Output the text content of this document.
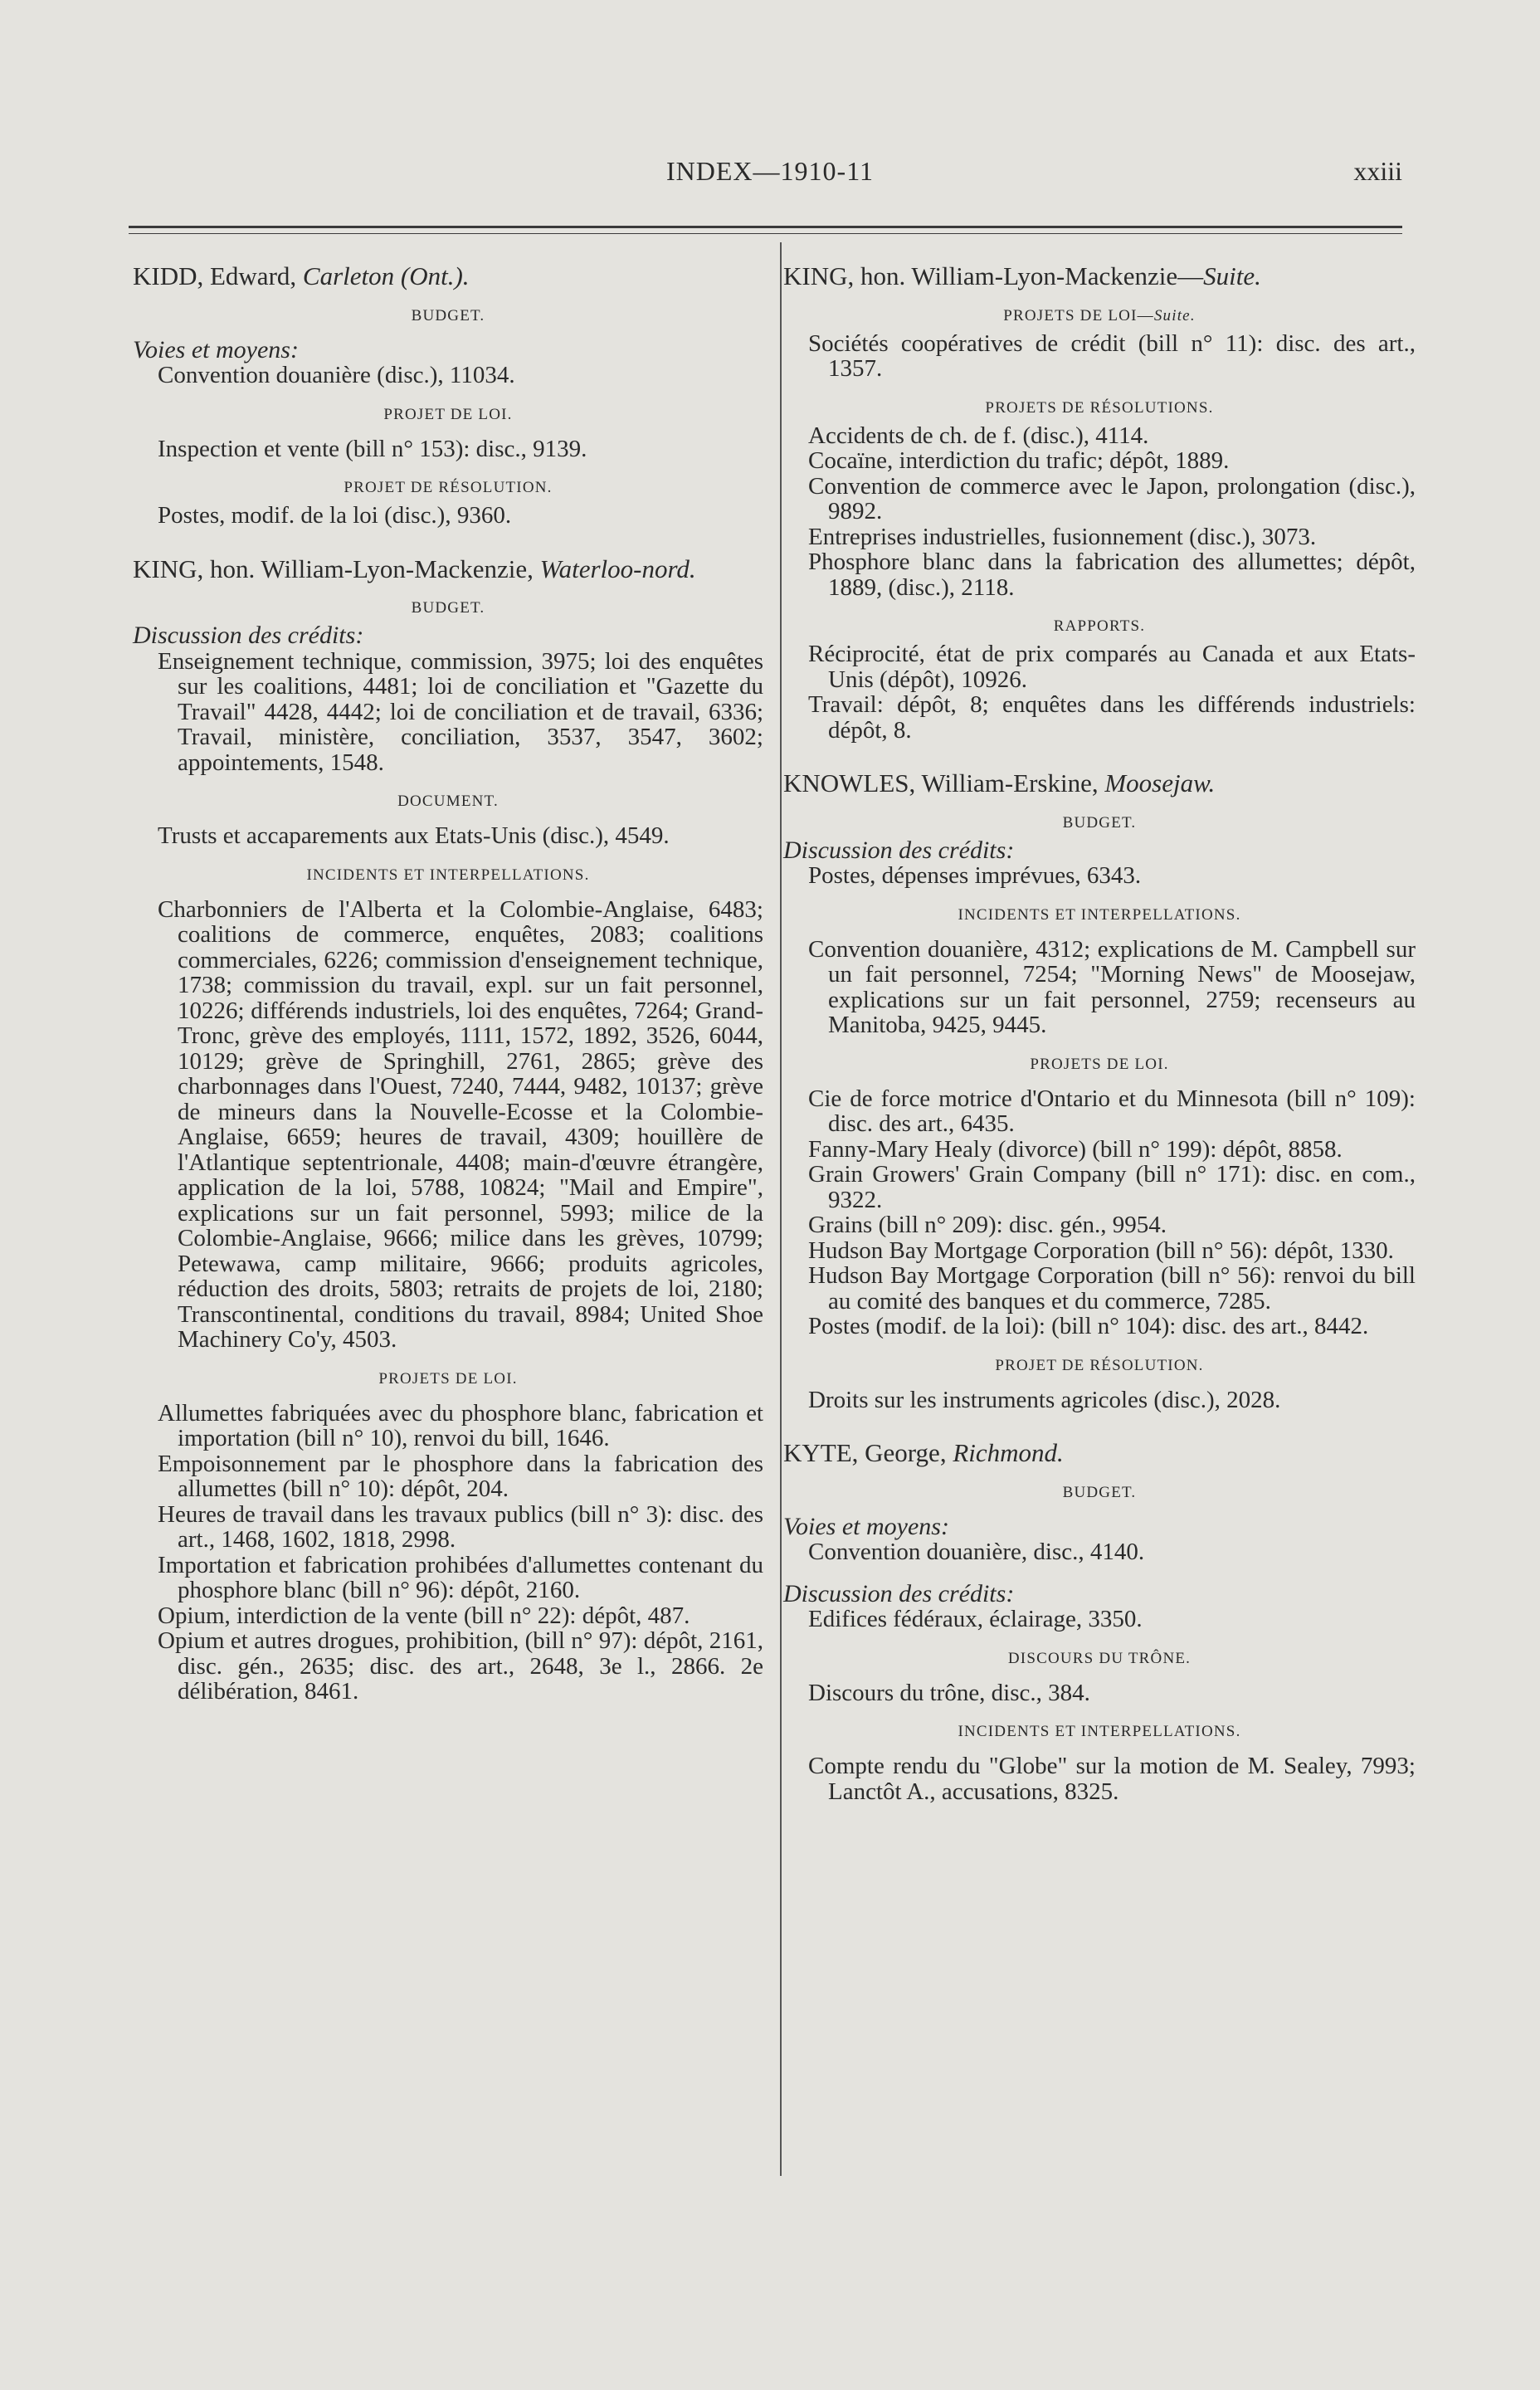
INDEX—1910-11	xxiii

KIDD, Edward, Carleton (Ont.).

BUDGET.

Voies et moyens:

Convention douanière (disc.), 11034.

PROJET DE LOI.

Inspection et vente (bill n° 153): disc., 9139.

PROJET DE RÉSOLUTION.

Postes, modif. de la loi (disc.), 9360.

KING, hon. William-Lyon-Mackenzie, Waterloo-nord.

BUDGET.

Discussion des crédits:

Enseignement technique, commission, 3975; loi des enquêtes sur les coalitions, 4481; loi de conciliation et "Gazette du Travail" 4428, 4442; loi de conciliation et de travail, 6336; Travail, ministère, conciliation, 3537, 3547, 3602; appointements, 1548.

DOCUMENT.

Trusts et accaparements aux Etats-Unis (disc.), 4549.

INCIDENTS ET INTERPELLATIONS.

Charbonniers de l'Alberta et la Colombie-Anglaise, 6483; coalitions de commerce, enquêtes, 2083; coalitions commerciales, 6226; commission d'enseignement technique, 1738; commission du travail, expl. sur un fait personnel, 10226; différends industriels, loi des enquêtes, 7264; Grand-Tronc, grève des employés, 1111, 1572, 1892, 3526, 6044, 10129; grève de Springhill, 2761, 2865; grève des charbonnages dans l'Ouest, 7240, 7444, 9482, 10137; grève de mineurs dans la Nouvelle-Ecosse et la Colombie-Anglaise, 6659; heures de travail, 4309; houillère de l'Atlantique septentrionale, 4408; main-d'œuvre étrangère, application de la loi, 5788, 10824; "Mail and Empire", explications sur un fait personnel, 5993; milice de la Colombie-Anglaise, 9666; milice dans les grèves, 10799; Petewawa, camp militaire, 9666; produits agricoles, réduction des droits, 5803; retraits de projets de loi, 2180; Transcontinental, conditions du travail, 8984; United Shoe Machinery Co'y, 4503.

PROJETS DE LOI.

Allumettes fabriquées avec du phosphore blanc, fabrication et importation (bill n° 10), renvoi du bill, 1646.

Empoisonnement par le phosphore dans la fabrication des allumettes (bill n° 10): dépôt, 204.

Heures de travail dans les travaux publics (bill n° 3): disc. des art., 1468, 1602, 1818, 2998.

Importation et fabrication prohibées d'allumettes contenant du phosphore blanc (bill n° 96): dépôt, 2160.

Opium, interdiction de la vente (bill n° 22): dépôt, 487.

Opium et autres drogues, prohibition, (bill n° 97): dépôt, 2161, disc. gén., 2635; disc. des art., 2648, 3e l., 2866. 2e délibération, 8461.

KING, hon. William-Lyon-Mackenzie—Suite.

PROJETS DE LOI—Suite.

Sociétés coopératives de crédit (bill n° 11): disc. des art., 1357.

PROJETS DE RÉSOLUTIONS.

Accidents de ch. de f. (disc.), 4114.

Cocaïne, interdiction du trafic; dépôt, 1889.

Convention de commerce avec le Japon, prolongation (disc.), 9892.

Entreprises industrielles, fusionnement (disc.), 3073.

Phosphore blanc dans la fabrication des allumettes; dépôt, 1889, (disc.), 2118.

RAPPORTS.

Réciprocité, état de prix comparés au Canada et aux Etats-Unis (dépôt), 10926.

Travail: dépôt, 8; enquêtes dans les différends industriels: dépôt, 8.

KNOWLES, William-Erskine, Moosejaw.

BUDGET.

Discussion des crédits:

Postes, dépenses imprévues, 6343.

INCIDENTS ET INTERPELLATIONS.

Convention douanière, 4312; explications de M. Campbell sur un fait personnel, 7254; "Morning News" de Moosejaw, explications sur un fait personnel, 2759; recenseurs au Manitoba, 9425, 9445.

PROJETS DE LOI.

Cie de force motrice d'Ontario et du Minnesota (bill n° 109): disc. des art., 6435.

Fanny-Mary Healy (divorce) (bill n° 199): dépôt, 8858.

Grain Growers' Grain Company (bill n° 171): disc. en com., 9322.

Grains (bill n° 209): disc. gén., 9954.

Hudson Bay Mortgage Corporation (bill n° 56): dépôt, 1330.

Hudson Bay Mortgage Corporation (bill n° 56): renvoi du bill au comité des banques et du commerce, 7285.

Postes (modif. de la loi): (bill n° 104): disc. des art., 8442.

PROJET DE RÉSOLUTION.

Droits sur les instruments agricoles (disc.), 2028.

KYTE, George, Richmond.

BUDGET.

Voies et moyens:

Convention douanière, disc., 4140.

Discussion des crédits:

Edifices fédéraux, éclairage, 3350.

DISCOURS DU TRÔNE.

Discours du trône, disc., 384.

INCIDENTS ET INTERPELLATIONS.

Compte rendu du "Globe" sur la motion de M. Sealey, 7993; Lanctôt A., accusations, 8325.
